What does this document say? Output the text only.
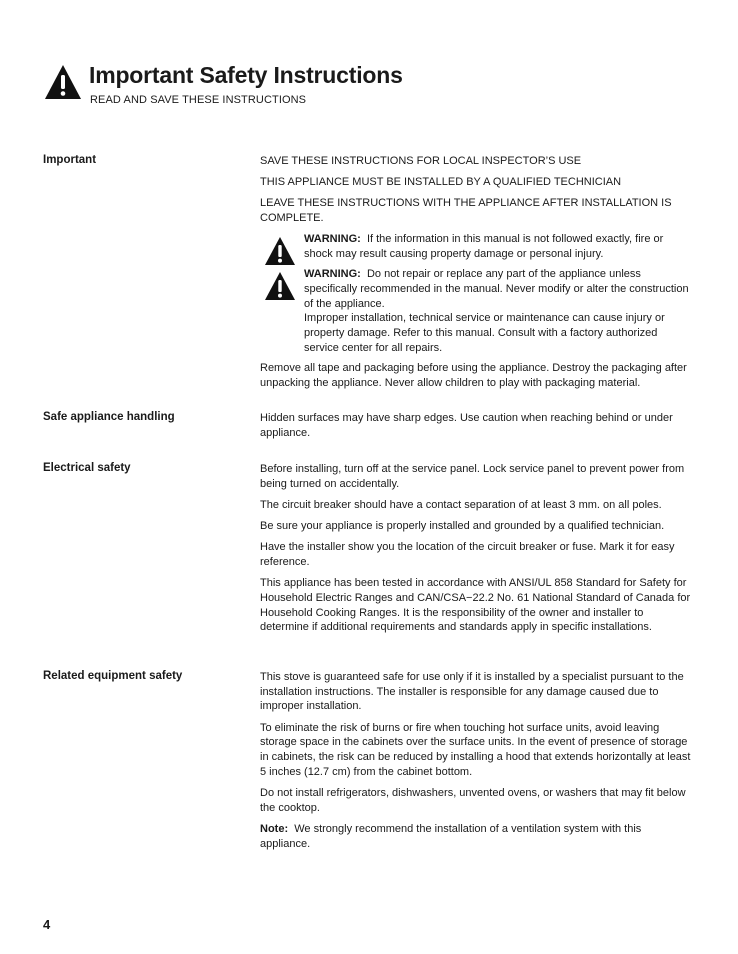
Important Safety Instructions
READ AND SAVE THESE INSTRUCTIONS
Important	SAVE THESE INSTRUCTIONS FOR LOCAL INSPECTOR’S USE

THIS APPLIANCE MUST BE INSTALLED BY A QUALIFIED TECHNICIAN

LEAVE THESE INSTRUCTIONS WITH THE APPLIANCE AFTER INSTALLATION IS COMPLETE.

WARNING: If the information in this manual is not followed exactly, fire or shock may result causing property damage or personal injury.

WARNING: Do not repair or replace any part of the appliance unless specifically recommended in the manual. Never modify or alter the construction of the appliance.

Improper installation, technical service or maintenance can cause injury or property damage. Refer to this manual. Consult with a factory authorized service center for all repairs.

Remove all tape and packaging before using the appliance. Destroy the packaging after unpacking the appliance. Never allow children to play with packaging material.

Safe appliance handling	Hidden surfaces may have sharp edges. Use caution when reaching behind or under appliance.

Electrical safety	Before installing, turn off at the service panel. Lock service panel to prevent power from being turned on accidentally.

The circuit breaker should have a contact separation of at least 3 mm. on all poles.

Be sure your appliance is properly installed and grounded by a qualified technician.

Have the installer show you the location of the circuit breaker or fuse. Mark it for easy reference.

This appliance has been tested in accordance with ANSI/UL 858 Standard for Safety for Household Electric Ranges and CAN/CSA−22.2 No. 61 National Standard of Canada for Household Cooking Ranges. It is the responsibility of the owner and installer to determine if additional requirements and standards apply in specific installations.

Related equipment safety	This stove is guaranteed safe for use only if it is installed by a specialist pursuant to the installation instructions. The installer is responsible for any damage caused due to improper installation.

To eliminate the risk of burns or fire when touching hot surface units, avoid leaving storage space in the cabinets over the surface units. In the event of presence of storage in cabinets, the risk can be reduced by installing a hood that extends horizontally at least 5 inches (12.7 cm) from the cabinet bottom.

Do not install refrigerators, dishwashers, unvented ovens, or washers that may fit below the cooktop.

Note: We strongly recommend the installation of a ventilation system with this appliance.

4
